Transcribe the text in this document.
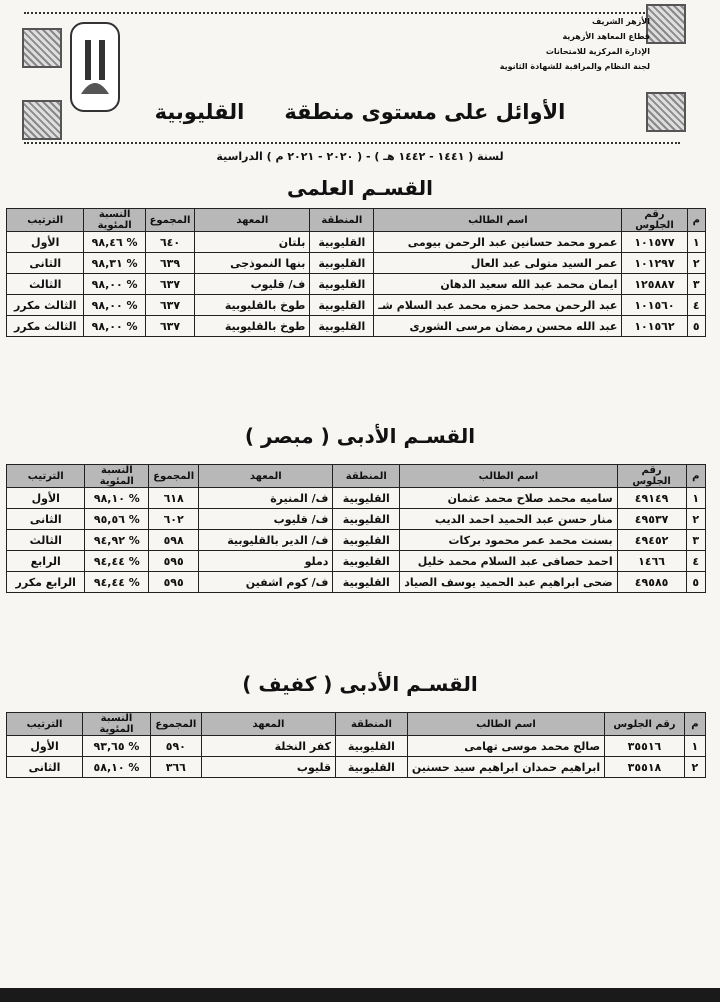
الأزهر الشريف
قطاع المعاهد الأزهرية
الإدارة المركزية للامتحانات
لجنة النظام والمراقبة للشهادة الثانوية
الأوائل على مستوى منطقةالقليوبية
لسنة ( ١٤٤١ - ١٤٤٢ هـ ) - ( ٢٠٢٠ - ٢٠٢١ م ) الدراسية
القسـم العلمى
م	رقم الجلوس	اسم الطالب	المنطقة	المعهد	المجموع	النسبة المئوية	الترتيب
١	١٠١٥٧٧	عمرو محمد حسانين عبد الرحمن بيومى	القليوبية	بلتان	٦٤٠	% ٩٨,٤٦	الأول
٢	١٠١٢٩٧	عمر السيد متولى عبد العال	القليوبية	بنها النموذجى	٦٣٩	% ٩٨,٣١	الثانى
٣	١٢٥٨٨٧	ايمان محمد عبد الله سعيد الدهان	القليوبية	ف/ قليوب	٦٣٧	% ٩٨,٠٠	الثالث
٤	١٠١٥٦٠	عبد الرحمن محمد حمزه محمد عبد السلام شـ	القليوبية	طوخ بالقليوبية	٦٣٧	% ٩٨,٠٠	الثالث مكرر
٥	١٠١٥٦٢	عبد الله محسن رمضان مرسى الشورى	القليوبية	طوخ بالقليوبية	٦٣٧	% ٩٨,٠٠	الثالث مكرر
القسـم الأدبى ( مبصر )
م	رقم الجلوس	اسم الطالب	المنطقة	المعهد	المجموع	النسبة المئوية	الترتيب
١	٤٩١٤٩	ساميه محمد صلاح محمد عثمان	القليوبية	ف/ المنيرة	٦١٨	% ٩٨,١٠	الأول
٢	٤٩٥٣٧	منار حسن عبد الحميد احمد الديب	القليوبية	ف/ قليوب	٦٠٢	% ٩٥,٥٦	الثانى
٣	٤٩٤٥٢	بسنت محمد عمر محمود بركات	القليوبية	ف/ الدير بالقليوبية	٥٩٨	% ٩٤,٩٢	الثالث
٤	١٤٦٦	احمد حصافى عبد السلام محمد خليل	القليوبية	دملو	٥٩٥	% ٩٤,٤٤	الرابع
٥	٤٩٥٨٥	ضحى ابراهيم عبد الحميد يوسف الصياد	القليوبية	ف/ كوم اشفين	٥٩٥	% ٩٤,٤٤	الرابع مكرر
القسـم الأدبى ( كفيف )
م	رقم الجلوس	اسم الطالب	المنطقة	المعهد	المجموع	النسبة المئوية	الترتيب
١	٣٥٥١٦	صالح محمد موسى تهامى	القليوبية	كفر النخلة	٥٩٠	% ٩٣,٦٥	الأول
٢	٣٥٥١٨	ابراهيم حمدان ابراهيم سيد حسنين	القليوبية	قليوب	٣٦٦	% ٥٨,١٠	الثانى
